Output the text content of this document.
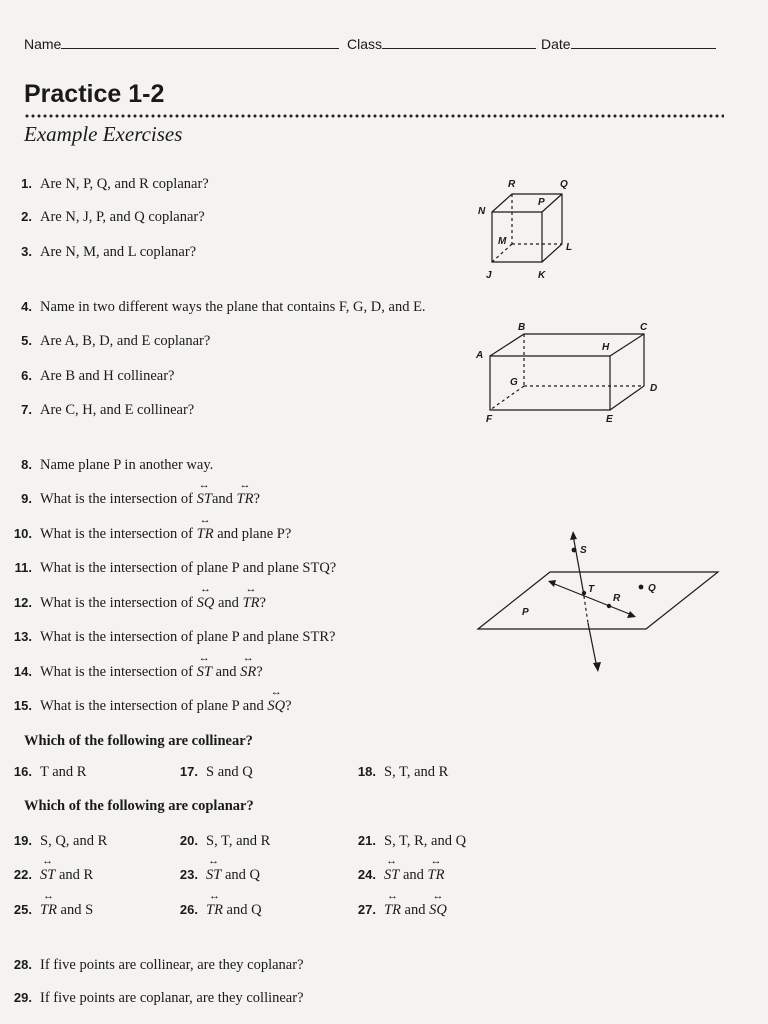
Name	Class	Date
Practice 1-2
Example Exercises
1. Are N, P, Q, and R coplanar?
2. Are N, J, P, and Q coplanar?
3. Are N, M, and L coplanar?
R	Q
N
P
M
L
J	K
4. Name in two different ways the plane that contains F, G, D, and E.
5. Are A, B, D, and E coplanar?
6. Are B and H collinear?
7. Are C, H, and E collinear?
B	C
A
H
G
D
F	E
8. Name plane P in another way.
9. What is the intersection of ↔ STand ↔ TR?
10. What is the intersection of ↔ TR and plane P?
11. What is the intersection of plane P and plane STQ?
12. What is the intersection of ↔ SQ and ↔ TR?
13. What is the intersection of plane P and plane STR?
14. What is the intersection of ↔ ST and ↔ SR?
15. What is the intersection of plane P and ↔ SQ?
S
T
R
Q
P
Which of the following are collinear?
16. T and R	17. S and Q	18. S, T, and R
Which of the following are coplanar?
19. S, Q, and R	20. S, T, and R	21. S, T, R, and Q
22. ↔ ST and R	23. ↔ ST and Q	24. ↔ ST and ↔ TR
25. ↔ TR and S	26. ↔ TR and Q	27. ↔ TR and ↔ SQ
28. If five points are collinear, are they coplanar?
29. If five points are coplanar, are they collinear?
